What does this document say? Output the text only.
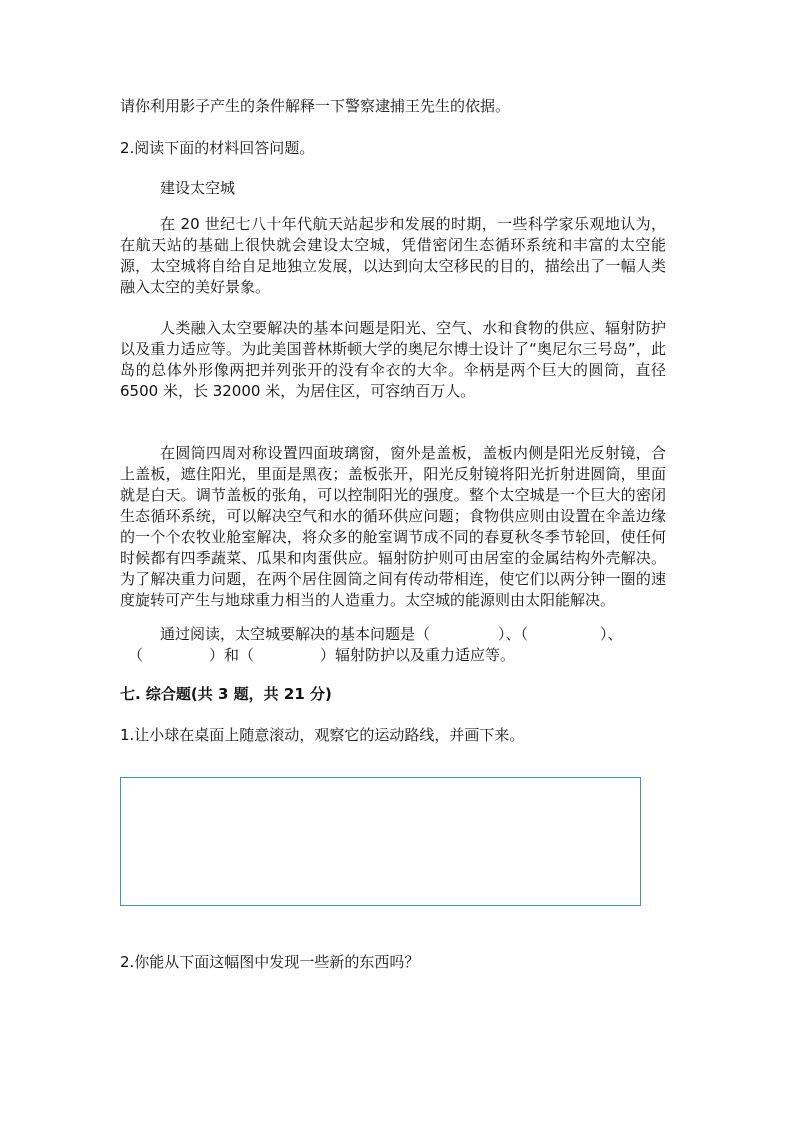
请你利用影子产生的条件解释一下警察逮捕王先生的依据。
2.阅读下面的材料回答问题。
建设太空城

在 20 世纪七八十年代航天站起步和发展的时期，一些科学家乐观地认为，在航天站的基础上很快就会建设太空城，凭借密闭生态循环系统和丰富的太空能源，太空城将自给自足地独立发展，以达到向太空移民的目的，描绘出了一幅人类融入太空的美好景象。

人类融入太空要解决的基本问题是阳光、空气、水和食物的供应、辐射防护以及重力适应等。为此美国普林斯顿大学的奥尼尔博士设计了“奥尼尔三号岛”，此岛的总体外形像两把并列张开的没有伞衣的大伞。伞柄是两个巨大的圆筒，直径 6500 米，长 32000 米，为居住区，可容纳百万人。

在圆筒四周对称设置四面玻璃窗，窗外是盖板，盖板内侧是阳光反射镜，合上盖板，遮住阳光，里面是黑夜；盖板张开，阳光反射镜将阳光折射进圆筒，里面就是白天。调节盖板的张角，可以控制阳光的强度。整个太空城是一个巨大的密闭生态循环系统，可以解决空气和水的循环供应问题；食物供应则由设置在伞盖边缘的一个个农牧业舱室解决，将众多的舱室调节成不同的春夏秋冬季节轮回，使任何时候都有四季蔬菜、瓜果和肉蛋供应。辐射防护则可由居室的金属结构外壳解决。为了解决重力问题，在两个居住圆筒之间有传动带相连，使它们以两分钟一圈的速度旋转可产生与地球重力相当的人造重力。太空城的能源则由太阳能解决。

通过阅读，太空城要解决的基本问题是（	）、（	）、
（	）和（	）辐射防护以及重力适应等。
七. 综合题(共 3 题，共 21 分)
1.让小球在桌面上随意滚动，观察它的运动路线，并画下来。
2.你能从下面这幅图中发现一些新的东西吗？
